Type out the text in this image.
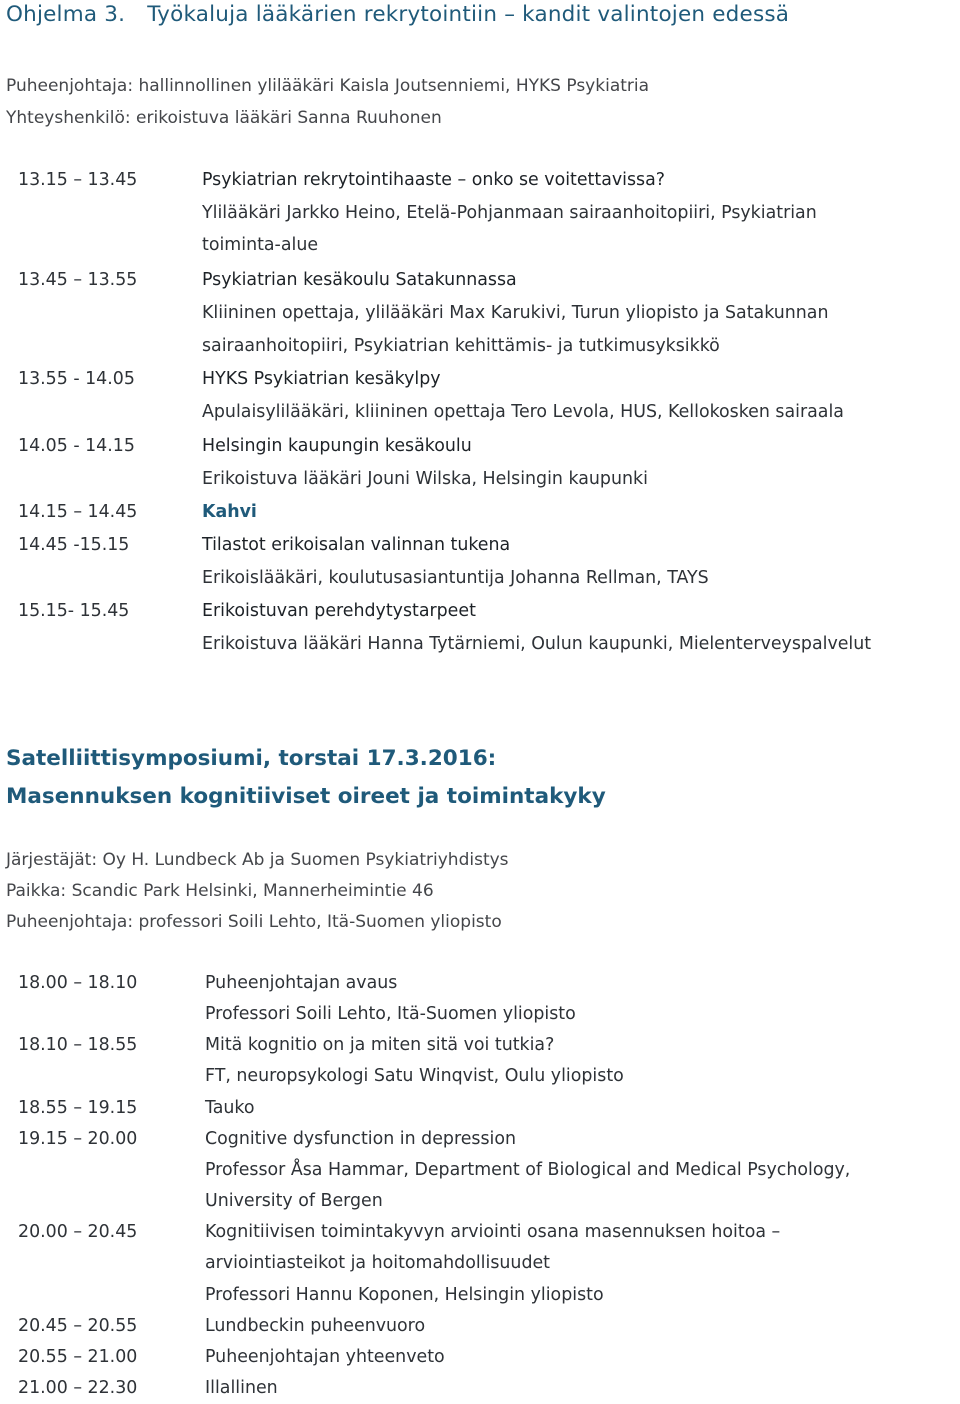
Ohjelma 3. Työkaluja lääkärien rekrytointiin – kandit valintojen edessä

Puheenjohtaja: hallinnollinen ylilääkäri Kaisla Joutsenniemi, HYKS Psykiatria

Yhteyshenkilö: erikoistuva lääkäri Sanna Ruuhonen

13.15 – 13.45	Psykiatrian rekrytointihaaste – onko se voitettavissa?
Ylilääkäri Jarkko Heino, Etelä-Pohjanmaan sairaanhoitopiiri, Psykiatrian
toiminta-alue
13.45 – 13.55	Psykiatrian kesäkoulu Satakunnassa
Kliininen opettaja, ylilääkäri Max Karukivi, Turun yliopisto ja Satakunnan
sairaanhoitopiiri, Psykiatrian kehittämis- ja tutkimusyksikkö
13.55 - 14.05	HYKS Psykiatrian kesäkylpy
Apulaisylilääkäri, kliininen opettaja Tero Levola, HUS, Kellokosken sairaala
14.05 - 14.15	Helsingin kaupungin kesäkoulu
Erikoistuva lääkäri Jouni Wilska, Helsingin kaupunki
14.15 – 14.45	Kahvi
14.45 -15.15	Tilastot erikoisalan valinnan tukena
Erikoislääkäri, koulutusasiantuntija Johanna Rellman, TAYS
15.15- 15.45	Erikoistuvan perehdytystarpeet
Erikoistuva lääkäri Hanna Tytärniemi, Oulun kaupunki, Mielenterveyspalvelut
Satelliittisymposiumi, torstai 17.3.2016:
Masennuksen kognitiiviset oireet ja toimintakyky

Järjestäjät: Oy H. Lundbeck Ab ja Suomen Psykiatriyhdistys

Paikka: Scandic Park Helsinki, Mannerheimintie 46

Puheenjohtaja: professori Soili Lehto, Itä-Suomen yliopisto

18.00 – 18.10	Puheenjohtajan avaus
Professori Soili Lehto, Itä-Suomen yliopisto
18.10 – 18.55	Mitä kognitio on ja miten sitä voi tutkia?
FT, neuropsykologi Satu Winqvist, Oulu yliopisto
18.55 – 19.15	Tauko
19.15 – 20.00	Cognitive dysfunction in depression
Professor Åsa Hammar, Department of Biological and Medical Psychology,
University of Bergen
20.00 – 20.45	Kognitiivisen toimintakyvyn arviointi osana masennuksen hoitoa –
arviointiasteikot ja hoitomahdollisuudet
Professori Hannu Koponen, Helsingin yliopisto
20.45 – 20.55	Lundbeckin puheenvuoro
20.55 – 21.00	Puheenjohtajan yhteenveto
21.00 – 22.30	Illallinen
